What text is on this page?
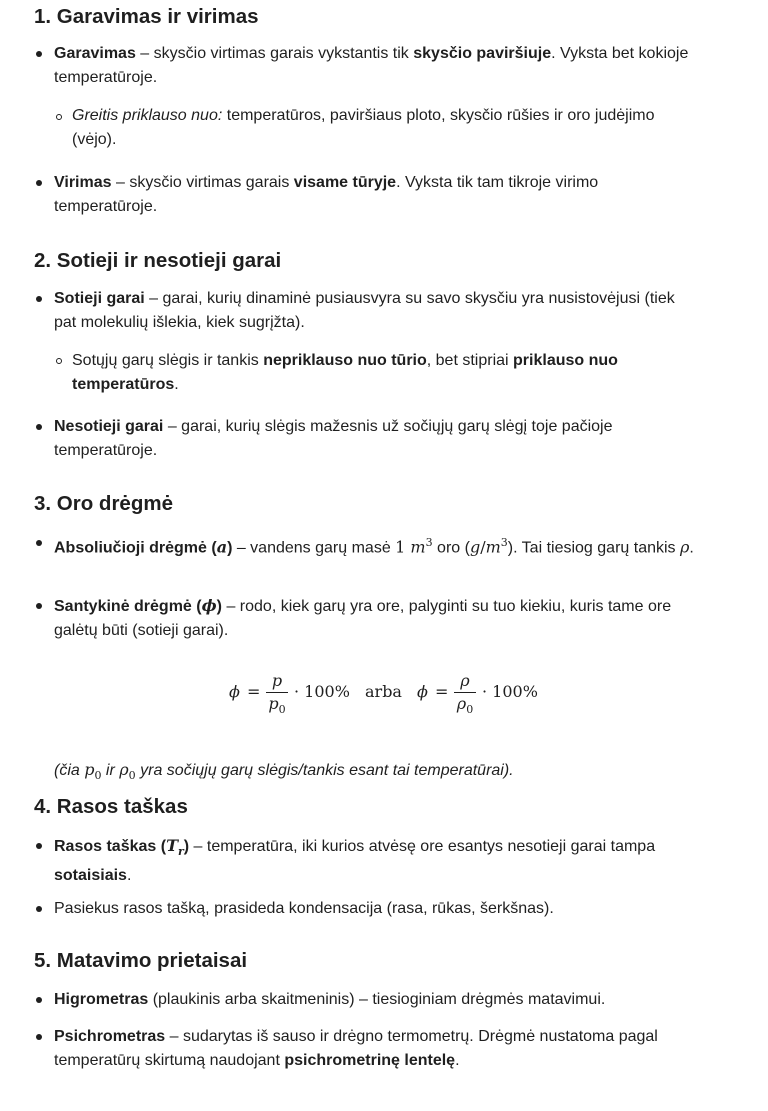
1. Garavimas ir virimas

Garavimas – skysčio virtimas garais vykstantis tik skysčio paviršiuje. Vyksta bet kokioje temperatūroje.

Greitis priklauso nuo: temperatūros, paviršiaus ploto, skysčio rūšies ir oro judėjimo (vėjo).

Virimas – skysčio virtimas garais visame tūryje. Vyksta tik tam tikroje virimo temperatūroje.

2. Sotieji ir nesotieji garai

Sotieji garai – garai, kurių dinaminė pusiausvyra su savo skysčiu yra nusistovėjusi (tiek pat molekulių išlekia, kiek sugrįžta).

Sotųjų garų slėgis ir tankis nepriklauso nuo tūrio, bet stipriai priklauso nuo temperatūros.

Nesotieji garai – garai, kurių slėgis mažesnis už sočiųjų garų slėgį toje pačioje temperatūroje.

3. Oro drėgmė

Absoliučioji drėgmė (a) – vandens garų masė 1 $m^3$ oro $(g/m^3)$. Tai tiesiog garų tankis ρ.

Santykinė drėgmė (ϕ) – rodo, kiek garų yra ore, palyginti su tuo kiekiu, kuris tame ore galėtų būti (sotieji garai).

ϕ =
p
$p_0$
· 100% arba ϕ =
ρ
$\rho_0$
· 100%

(čia $p_0$ ir $\rho_0$ yra sočiųjų garų slėgis/tankis esant tai temperatūrai).

4. Rasos taškas

Rasos taškas $(T_r)$ – temperatūra, iki kurios atvėsę ore esantys nesotieji garai tampa sotaisiais.

Pasiekus rasos tašką, prasideda kondensacija (rasa, rūkas, šerkšnas).

5. Matavimo prietaisai

Higrometras (plaukinis arba skaitmeninis) – tiesioginiam drėgmės matavimui.

Psichrometras – sudarytas iš sauso ir drėgno termometrų. Drėgmė nustatoma pagal temperatūrų skirtumą naudojant psichrometrinę lentelę.
